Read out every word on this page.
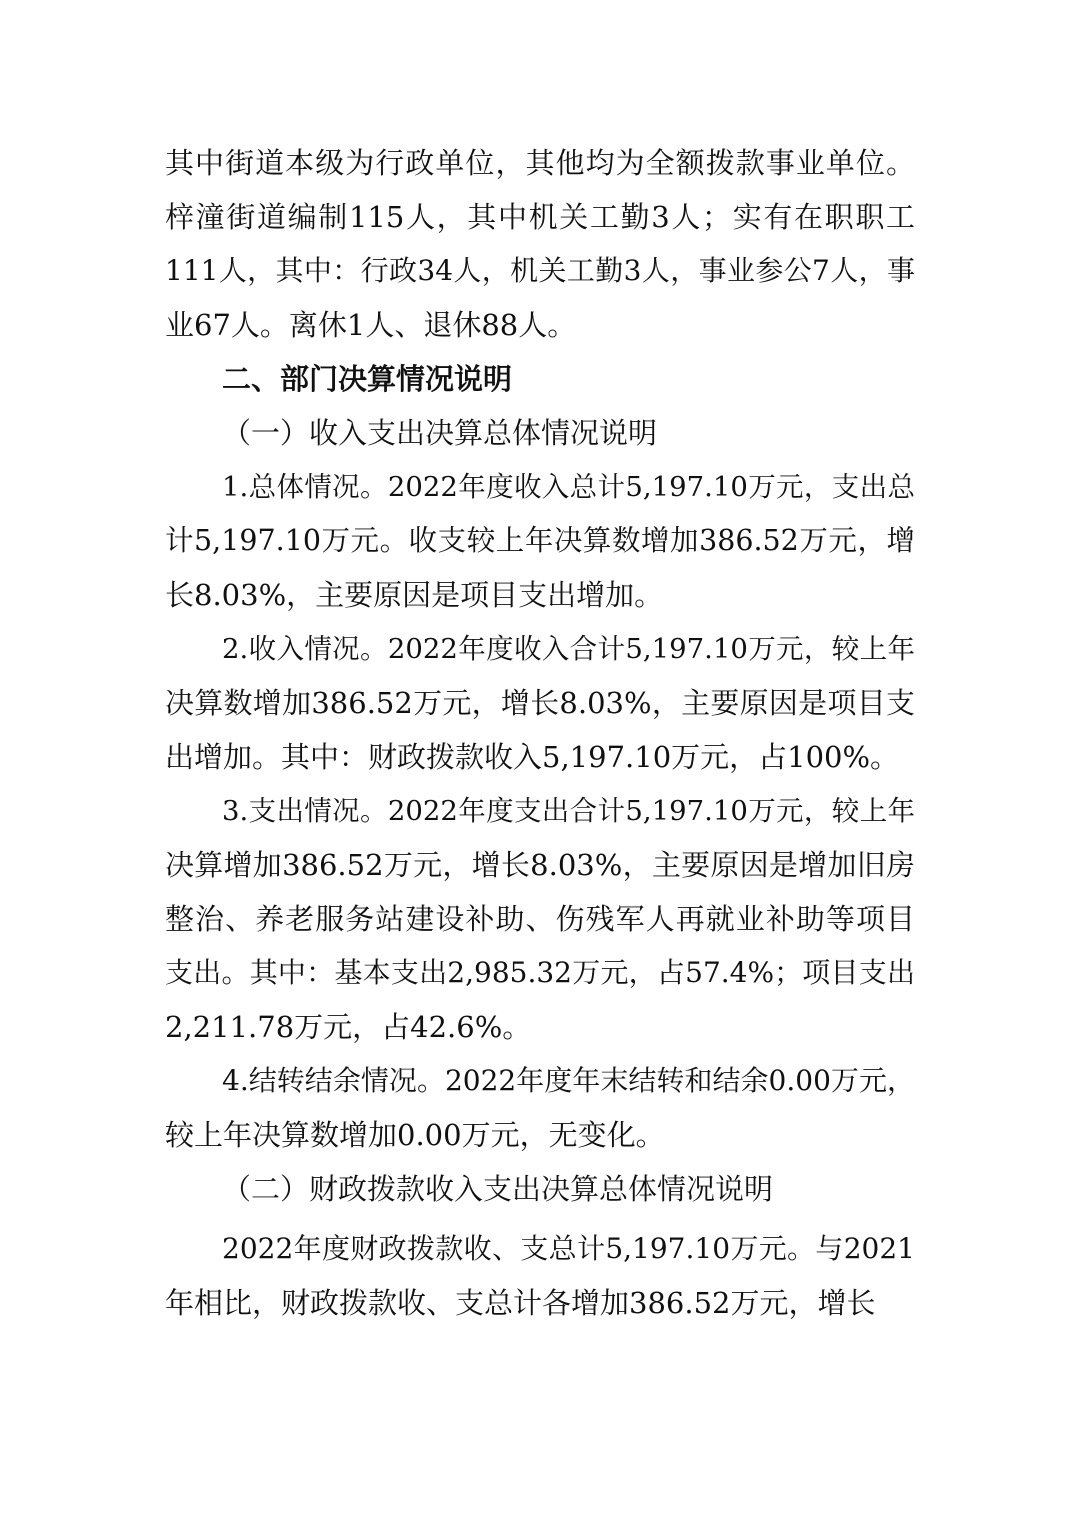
其中街道本级为行政单位，其他均为全额拨款事业单位。
梓潼街道编制115人，其中机关工勤3人；实有在职职工
111人，其中：行政34人，机关工勤3人，事业参公7人，事
业67人。离休1人、退休88人。
二、部门决算情况说明
（一）收入支出决算总体情况说明
1.总体情况。2022年度收入总计5,197.10万元，支出总
计5,197.10万元。收支较上年决算数增加386.52万元，增
长8.03%，主要原因是项目支出增加。
2.收入情况。2022年度收入合计5,197.10万元，较上年
决算数增加386.52万元，增长8.03%，主要原因是项目支
出增加。其中：财政拨款收入5,197.10万元，占100%。
3.支出情况。2022年度支出合计5,197.10万元，较上年
决算增加386.52万元，增长8.03%，主要原因是增加旧房
整治、养老服务站建设补助、伤残军人再就业补助等项目
支出。其中：基本支出2,985.32万元，占57.4%；项目支出
2,211.78万元，占42.6%。
4.结转结余情况。2022年度年末结转和结余0.00万元，
较上年决算数增加0.00万元，无变化。
（二）财政拨款收入支出决算总体情况说明
2022年度财政拨款收、支总计5,197.10万元。与2021
年相比，财政拨款收、支总计各增加386.52万元，增长
